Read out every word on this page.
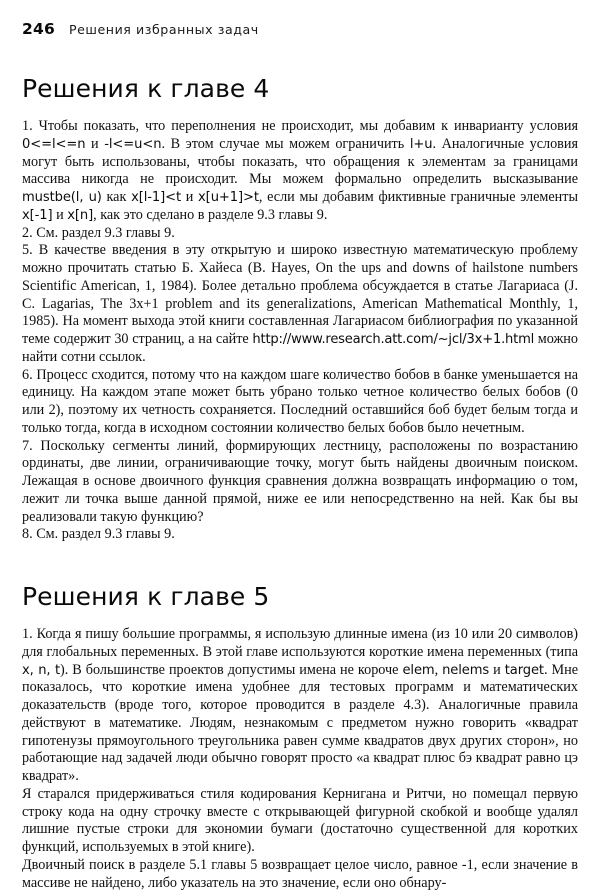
246 Решения избранных задач
Решения к главе 4

1. Чтобы показать, что переполнения не происходит, мы добавим к инварианту условия 0<=l<=n и -l<=u<n. В этом случае мы можем ограничить l+u. Аналогичные условия могут быть использованы, чтобы показать, что обращения к элементам за границами массива никогда не происходит. Мы можем формально определить высказывание mustbe(l, u) как x[l-1]<t и x[u+1]>t, если мы добавим фиктивные граничные элементы x[-1] и x[n], как это сделано в разделе 9.3 главы 9.

2. См. раздел 9.3 главы 9.

5. В качестве введения в эту открытую и широко известную математическую проблему можно прочитать статью Б. Хайеса (B. Hayes, On the ups and downs of hailstone numbers Scientific American, 1, 1984). Более детально проблема обсуждается в статье Лагариаса (J. C. Lagarias, The 3x+1 problem and its generalizations, American Mathematical Monthly, 1, 1985). На момент выхода этой книги составленная Лагариасом библиография по указанной теме содержит 30 страниц, а на сайте http://www.research.att.com/~jcl/3x+1.html можно найти сотни ссылок.

6. Процесс сходится, потому что на каждом шаге количество бобов в банке уменьшается на единицу. На каждом этапе может быть убрано только четное количество белых бобов (0 или 2), поэтому их четность сохраняется. Последний оставшийся боб будет белым тогда и только тогда, когда в исходном состоянии количество белых бобов было нечетным.

7. Поскольку сегменты линий, формирующих лестницу, расположены по возрастанию ординаты, две линии, ограничивающие точку, могут быть найдены двоичным поиском. Лежащая в основе двоичного функция сравнения должна возвращать информацию о том, лежит ли точка выше данной прямой, ниже ее или непосредственно на ней. Как бы вы реализовали такую функцию?

8. См. раздел 9.3 главы 9.

Решения к главе 5

1. Когда я пишу большие программы, я использую длинные имена (из 10 или 20 символов) для глобальных переменных. В этой главе используются короткие имена переменных (типа x, n, t). В большинстве проектов допустимы имена не короче elem, nelems и target. Мне показалось, что короткие имена удобнее для тестовых программ и математических доказательств (вроде того, которое проводится в разделе 4.3). Аналогичные правила действуют в математике. Людям, незнакомым с предметом нужно говорить «квадрат гипотенузы прямоугольного треугольника равен сумме квадратов двух других сторон», но работающие над задачей люди обычно говорят просто «а квадрат плюс бэ квадрат равно цэ квадрат».

Я старался придерживаться стиля кодирования Кернигана и Ритчи, но помещал первую строку кода на одну строчку вместе с открывающей фигурной скобкой и вообще удалял лишние пустые строки для экономии бумаги (достаточно существенной для коротких функций, используемых в этой книге).

Двоичный поиск в разделе 5.1 главы 5 возвращает целое число, равное -1, если значение в массиве не найдено, либо указатель на это значение, если оно обнару-
